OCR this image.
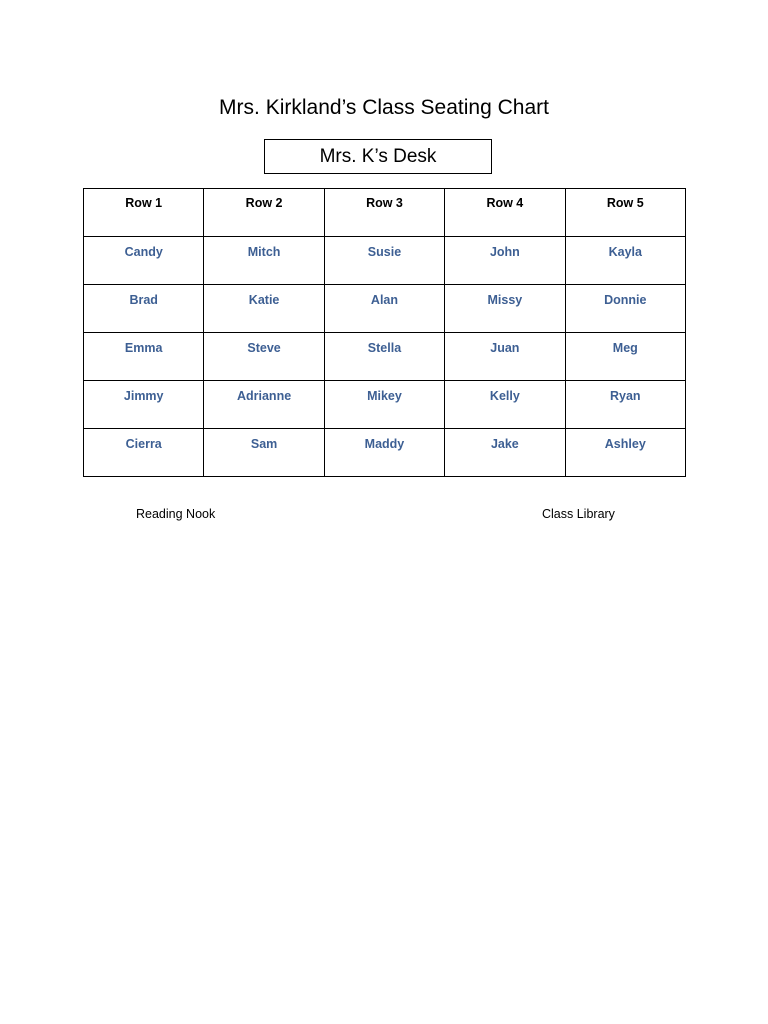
Mrs. Kirkland’s Class Seating Chart
Mrs. K’s Desk
Row 1	Row 2	Row 3	Row 4	Row 5

Candy	Mitch	Susie	John	Kayla

Brad	Katie	Alan	Missy	Donnie

Emma	Steve	Stella	Juan	Meg

Jimmy	Adrianne	Mikey	Kelly	Ryan

Cierra	Sam	Maddy	Jake	Ashley
Reading Nook	Class Library
